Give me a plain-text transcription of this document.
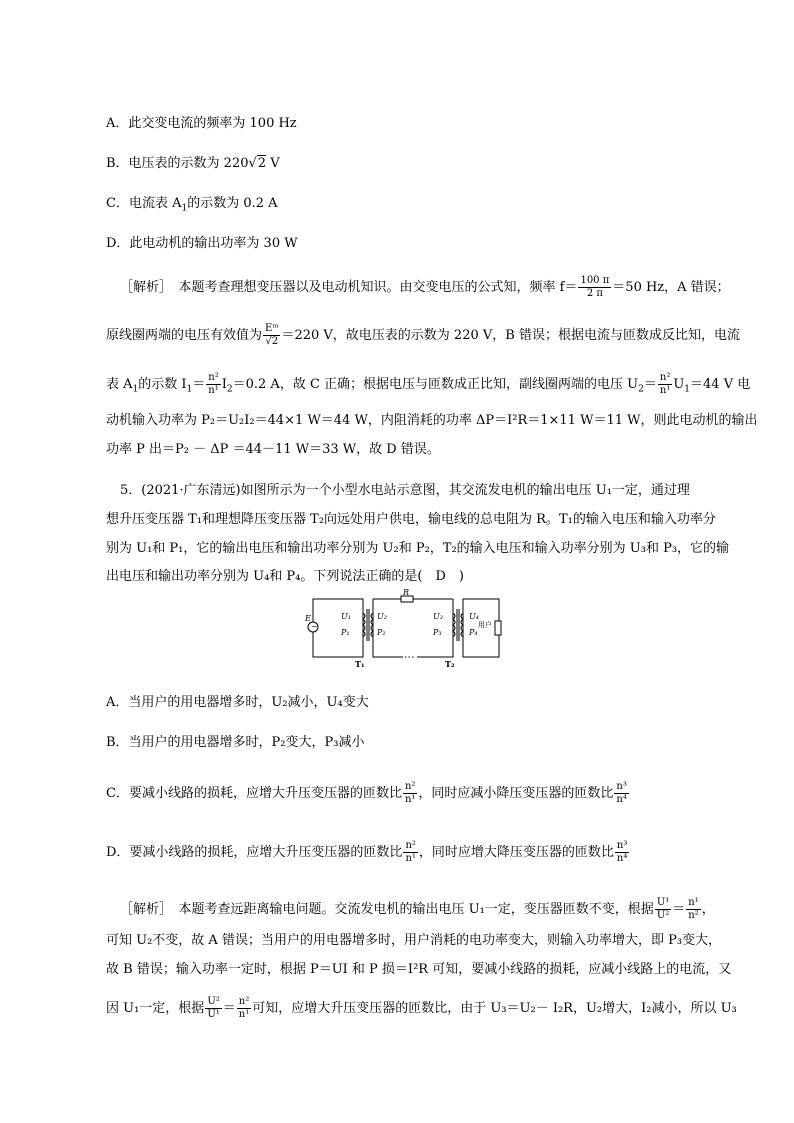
A．此交变电流的频率为 100 Hz
B．电压表的示数为 220√2 V
C．电流表 $A_1$的示数为 0.2 A
D．此电动机的输出功率为 30 W
［解析］　本题考查理想变压器以及电动机知识。由交变电压的公式知，频率 $f= \frac{100 \pi}{2 \pi} =50$ Hz，A 错误；
原线圈两端的电压有效值为 $\frac{\text{Eᵐ}}{√2} =220$ V，故电压表的示数为 220 V，B 错误；根据电流与匝数成反比知，电流
表 $A_1$的示数 $I_1= \frac{\text{n²}}{\text{n¹}} I_2=0.2$ A，故 C 正确；根据电压与匝数成正比知，副线圈两端的电压 $U_2= \frac{\text{n²}}{\text{n¹}} U_1=44$ V 电
动机输入功率为 P₂＝U₂I₂＝44×1 W＝44 W，内阻消耗的功率 ΔP＝I²R＝1×11 W＝11 W，则此电动机的输出
功率 P 出＝P₂ － ΔP ＝44－11 W＝33 W，故 D 错误。
5．(2021·广东清远)如图所示为一个小型水电站示意图，其交流发电机的输出电压 U₁一定，通过理
想升压变压器 T₁和理想降压变压器 T₂向远处用户供电，输电线的总电阻为 R。T₁的输入电压和输入功率分
别为 U₁和 P₁，它的输出电压和输出功率分别为 U₂和 P₂，T₂的输入电压和输入功率分别为 U₃和 P₃，它的输
出电压和输出功率分别为 U₄和 P₄。下列说法正确的是(　D　)
~
E
R
U₁
P₁
U₂
P₂
U₃
P₃
U₄
P₄
T₁	T₂
用户
A．当用户的用电器增多时，U₂减小，U₄变大
B．当用户的用电器增多时，P₂变大，P₃减小
C．要减小线路的损耗，应增大升压变压器的匝数比 $\frac{\text{n²}}{\text{n¹}}$ ，同时应减小降压变压器的匝数比 $\frac{\text{n³}}{\text{n⁴}}$
D．要减小线路的损耗，应增大升压变压器的匝数比 $\frac{\text{n²}}{\text{n¹}}$ ，同时应增大降压变压器的匝数比 $\frac{\text{n³}}{\text{n⁴}}$
［解析］　本题考查远距离输电问题。交流发电机的输出电压 U₁一定，变压器匝数不变，根据 $\frac{\text{U¹}}{\text{U²}} = \frac{\text{n¹}}{\text{n²}}$ ，
可知 U₂不变，故 A 错误；当用户的用电器增多时，用户消耗的电功率变大，则输入功率增大，即 P₃变大，
故 B 错误；输入功率一定时，根据 P＝UI 和 P 损＝I²R 可知，要减小线路的损耗，应减小线路上的电流，又
因 U₁一定，根据 $\frac{\text{U²}}{\text{U¹}} = \frac{\text{n²}}{\text{n¹}}$ 可知，应增大升压变压器的匝数比，由于 U₃＝U₂－ I₂R，U₂增大，I₂减小，所以 U₃
